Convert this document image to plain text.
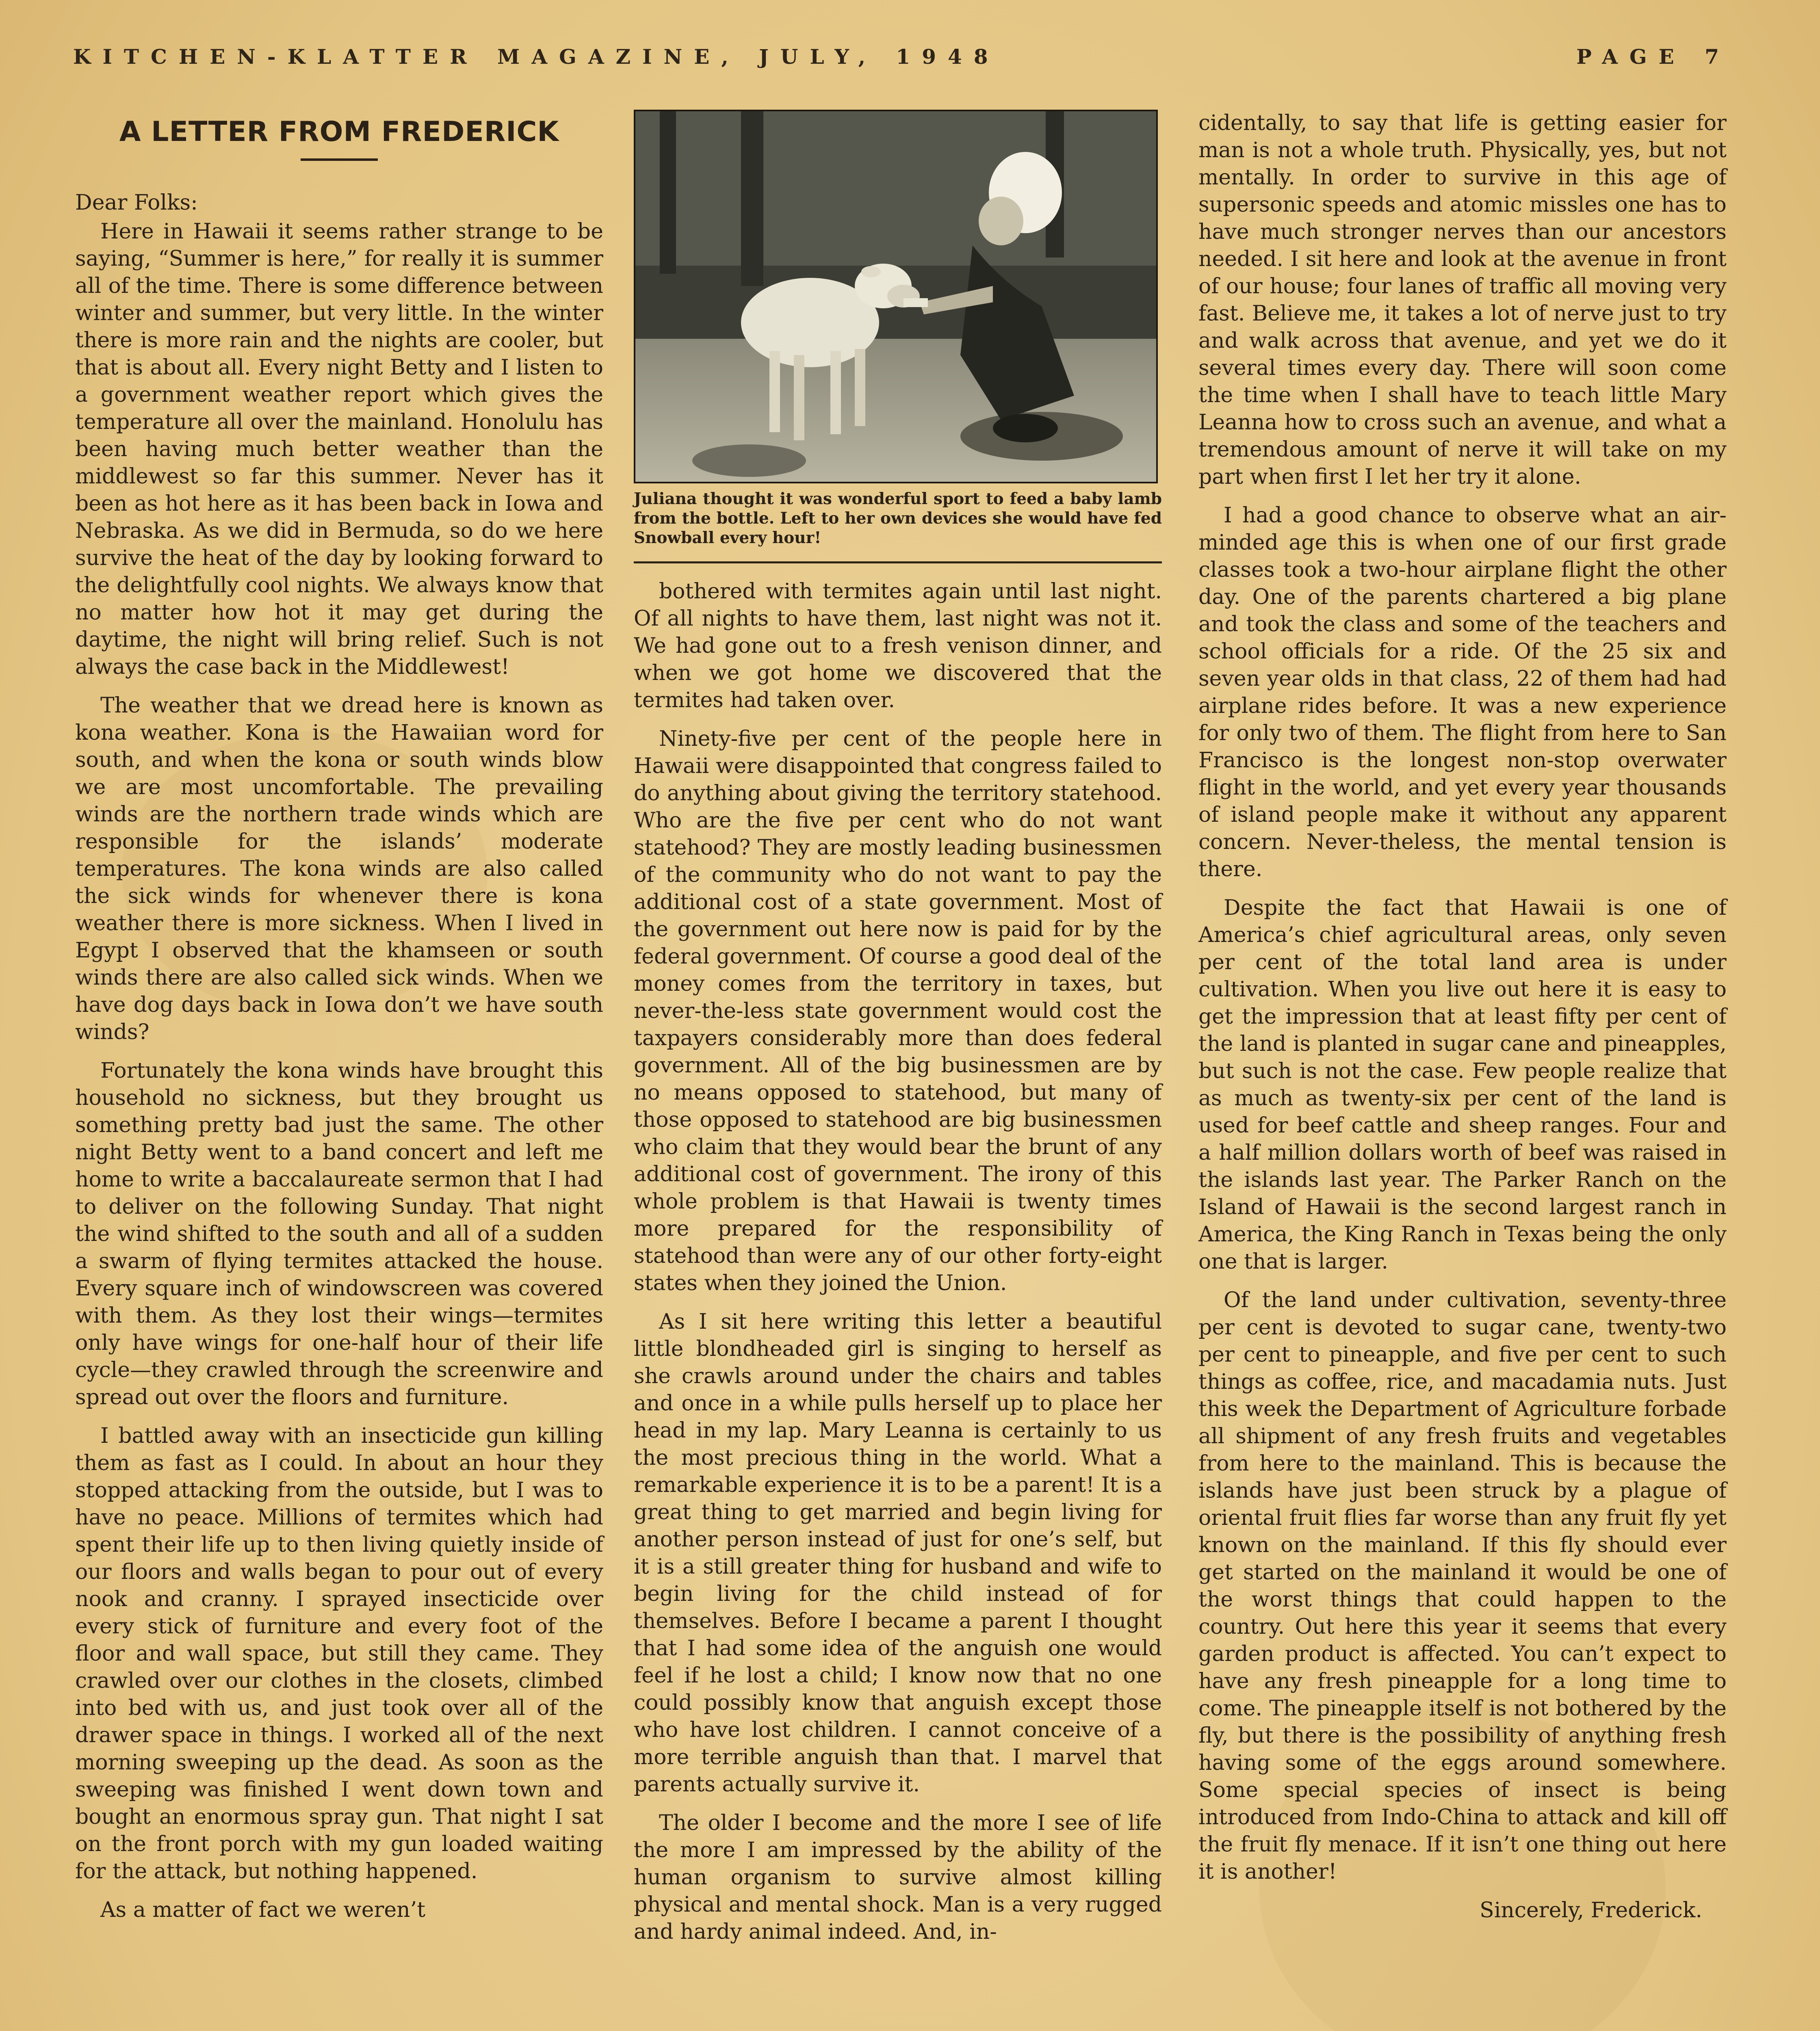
KITCHEN-KLATTER MAGAZINE, JULY, 1948	PAGE 7
A LETTER FROM FREDERICK

Dear Folks:

Here in Hawaii it seems rather strange to be saying, “Summer is here,” for really it is summer all of the time. There is some difference between winter and summer, but very little. In the winter there is more rain and the nights are cooler, but that is about all. Every night Betty and I listen to a government weather report which gives the temperature all over the mainland. Honolulu has been having much better weather than the middlewest so far this summer. Never has it been as hot here as it has been back in Iowa and Nebraska. As we did in Bermuda, so do we here survive the heat of the day by looking forward to the delightfully cool nights. We always know that no matter how hot it may get during the daytime, the night will bring relief. Such is not always the case back in the Middlewest!

The weather that we dread here is known as kona weather. Kona is the Hawaiian word for south, and when the kona or south winds blow we are most uncomfortable. The prevailing winds are the northern trade winds which are responsible for the islands’ moderate temperatures. The kona winds are also called the sick winds for whenever there is kona weather there is more sickness. When I lived in Egypt I observed that the khamseen or south winds there are also called sick winds. When we have dog days back in Iowa don’t we have south winds?

Fortunately the kona winds have brought this household no sickness, but they brought us something pretty bad just the same. The other night Betty went to a band concert and left me home to write a baccalaureate sermon that I had to deliver on the following Sunday. That night the wind shifted to the south and all of a sudden a swarm of flying termites attacked the house. Every square inch of windowscreen was covered with them. As they lost their wings—termites only have wings for one-half hour of their life cycle—they crawled through the screenwire and spread out over the floors and furniture.

I battled away with an insecticide gun killing them as fast as I could. In about an hour they stopped attacking from the outside, but I was to have no peace. Millions of termites which had spent their life up to then living quietly inside of our floors and walls began to pour out of every nook and cranny. I sprayed insecticide over every stick of furniture and every foot of the floor and wall space, but still they came. They crawled over our clothes in the closets, climbed into bed with us, and just took over all of the drawer space in things. I worked all of the next morning sweeping up the dead. As soon as the sweeping was finished I went down town and bought an enormous spray gun. That night I sat on the front porch with my gun loaded waiting for the attack, but nothing happened.

As a matter of fact we weren’t

Juliana thought it was wonderful sport to feed a baby lamb from the bottle. Left to her own devices she would have fed Snowball every hour!

bothered with termites again until last night. Of all nights to have them, last night was not it. We had gone out to a fresh venison dinner, and when we got home we discovered that the termites had taken over.

Ninety-five per cent of the people here in Hawaii were disappointed that congress failed to do anything about giving the territory statehood. Who are the five per cent who do not want statehood? They are mostly leading businessmen of the community who do not want to pay the additional cost of a state government. Most of the government out here now is paid for by the federal government. Of course a good deal of the money comes from the territory in taxes, but never-the-less state government would cost the taxpayers considerably more than does federal government. All of the big businessmen are by no means opposed to statehood, but many of those opposed to statehood are big businessmen who claim that they would bear the brunt of any additional cost of government. The irony of this whole problem is that Hawaii is twenty times more prepared for the responsibility of statehood than were any of our other forty-eight states when they joined the Union.

As I sit here writing this letter a beautiful little blondheaded girl is singing to herself as she crawls around under the chairs and tables and once in a while pulls herself up to place her head in my lap. Mary Leanna is certainly to us the most precious thing in the world. What a remarkable experience it is to be a parent! It is a great thing to get married and begin living for another person instead of just for one’s self, but it is a still greater thing for husband and wife to begin living for the child instead of for themselves. Before I became a parent I thought that I had some idea of the anguish one would feel if he lost a child; I know now that no one could possibly know that anguish except those who have lost children. I cannot conceive of a more terrible anguish than that. I marvel that parents actually survive it.

The older I become and the more I see of life the more I am impressed by the ability of the human organism to survive almost killing physical and mental shock. Man is a very rugged and hardy animal indeed. And, in-

cidentally, to say that life is getting easier for man is not a whole truth. Physically, yes, but not mentally. In order to survive in this age of supersonic speeds and atomic missles one has to have much stronger nerves than our ancestors needed. I sit here and look at the avenue in front of our house; four lanes of traffic all moving very fast. Believe me, it takes a lot of nerve just to try and walk across that avenue, and yet we do it several times every day. There will soon come the time when I shall have to teach little Mary Leanna how to cross such an avenue, and what a tremendous amount of nerve it will take on my part when first I let her try it alone.

I had a good chance to observe what an air-minded age this is when one of our first grade classes took a two-hour airplane flight the other day. One of the parents chartered a big plane and took the class and some of the teachers and school officials for a ride. Of the 25 six and seven year olds in that class, 22 of them had had airplane rides before. It was a new experience for only two of them. The flight from here to San Francisco is the longest non-stop overwater flight in the world, and yet every year thousands of island people make it without any apparent concern. Never-theless, the mental tension is there.

Despite the fact that Hawaii is one of America’s chief agricultural areas, only seven per cent of the total land area is under cultivation. When you live out here it is easy to get the impression that at least fifty per cent of the land is planted in sugar cane and pineapples, but such is not the case. Few people realize that as much as twenty-six per cent of the land is used for beef cattle and sheep ranges. Four and a half million dollars worth of beef was raised in the islands last year. The Parker Ranch on the Island of Hawaii is the second largest ranch in America, the King Ranch in Texas being the only one that is larger.

Of the land under cultivation, seventy-three per cent is devoted to sugar cane, twenty-two per cent to pineapple, and five per cent to such things as coffee, rice, and macadamia nuts. Just this week the Department of Agriculture forbade all shipment of any fresh fruits and vegetables from here to the mainland. This is because the islands have just been struck by a plague of oriental fruit flies far worse than any fruit fly yet known on the mainland. If this fly should ever get started on the mainland it would be one of the worst things that could happen to the country. Out here this year it seems that every garden product is affected. You can’t expect to have any fresh pineapple for a long time to come. The pineapple itself is not bothered by the fly, but there is the possibility of anything fresh having some of the eggs around somewhere. Some special species of insect is being introduced from Indo-China to attack and kill off the fruit fly menace. If it isn’t one thing out here it is another!

Sincerely, Frederick.
